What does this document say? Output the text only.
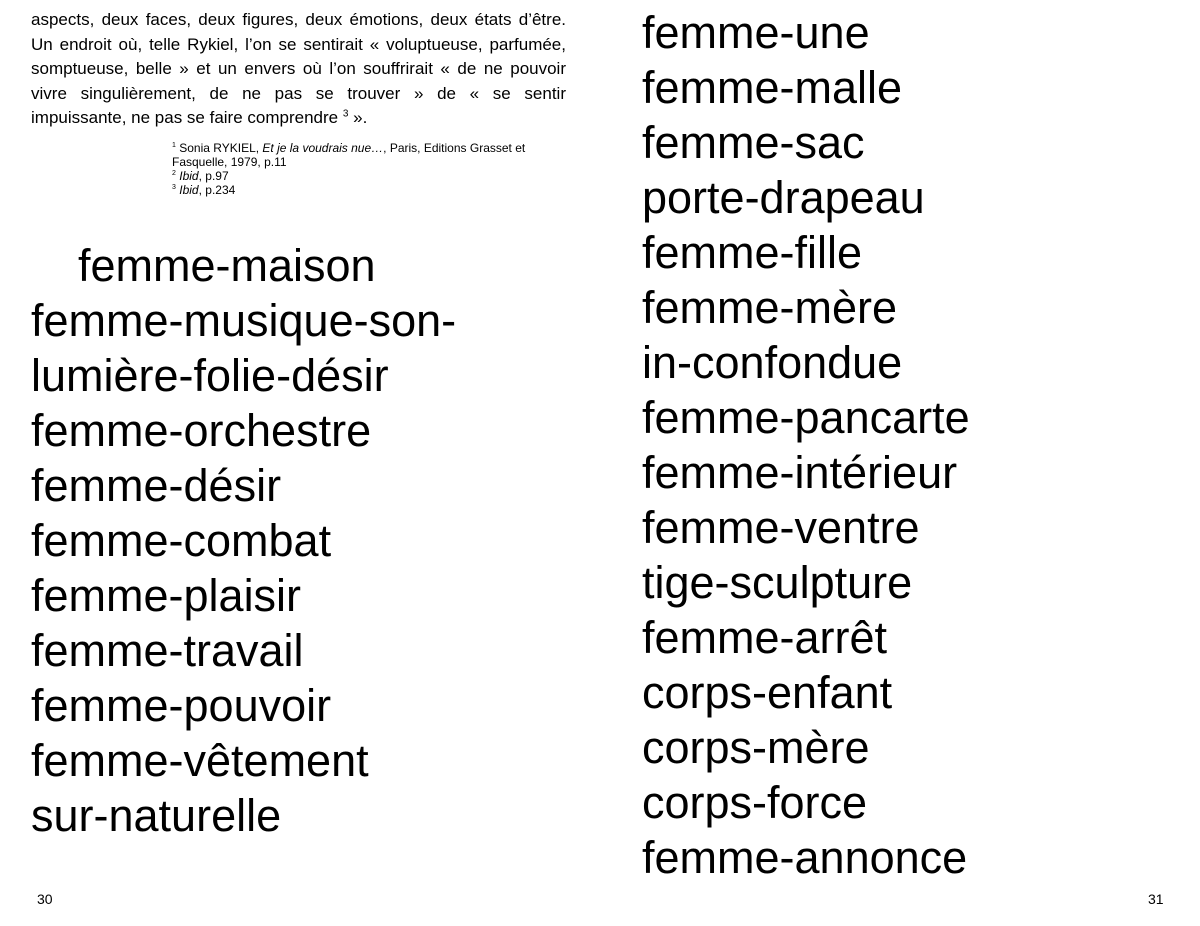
aspects, deux faces, deux figures, deux émotions, deux états d’être. Un endroit où, telle Rykiel, l’on se sentirait « voluptueuse, parfumée, somptueuse, belle » et un envers où l’on souffrirait « de ne pouvoir vivre singulièrement, de ne pas se trouver » de « se sentir impuissante, ne pas se faire comprendre $^3$ ».

$^1$ Sonia RYKIEL, Et je la voudrais nue…, Paris, Editions Grasset et Fasquelle, 1979, p.11

$^2$ Ibid, p.97

$^3$ Ibid, p.234

femme-maison
femme-musique-son-
lumière-folie-désir
femme-orchestre
femme-désir
femme-combat
femme-plaisir
femme-travail
femme-pouvoir
femme-vêtement
sur-naturelle
30
femme-une
femme-malle
femme-sac
porte-drapeau
femme-fille
femme-mère
in-confondue
femme-pancarte
femme-intérieur
femme-ventre
tige-sculpture
femme-arrêt
corps-enfant
corps-mère
corps-force
femme-annonce
31
